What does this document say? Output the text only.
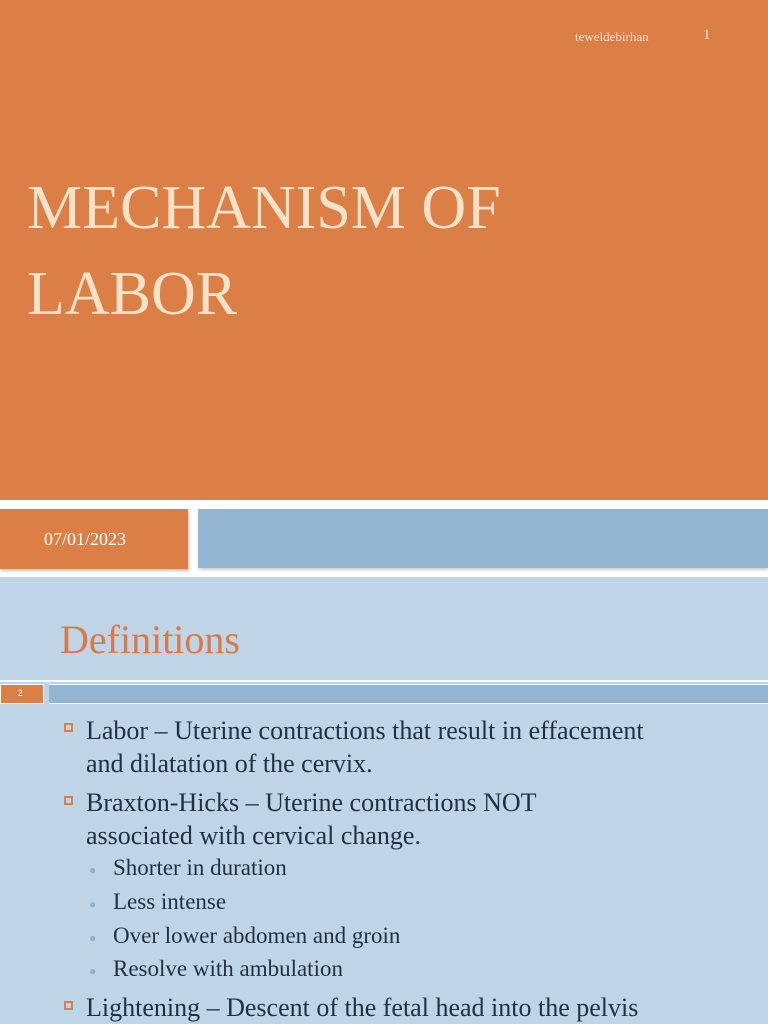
teweldebirhan	1
MECHANISM OF
LABOR
07/01/2023
Definitions
2
Labor – Uterine contractions that result in effacement
and dilatation of the cervix.
Braxton-Hicks – Uterine contractions NOT
associated with cervical change.
● Shorter in duration
● Less intense
● Over lower abdomen and groin
● Resolve with ambulation
Lightening – Descent of the fetal head into the pelvis
